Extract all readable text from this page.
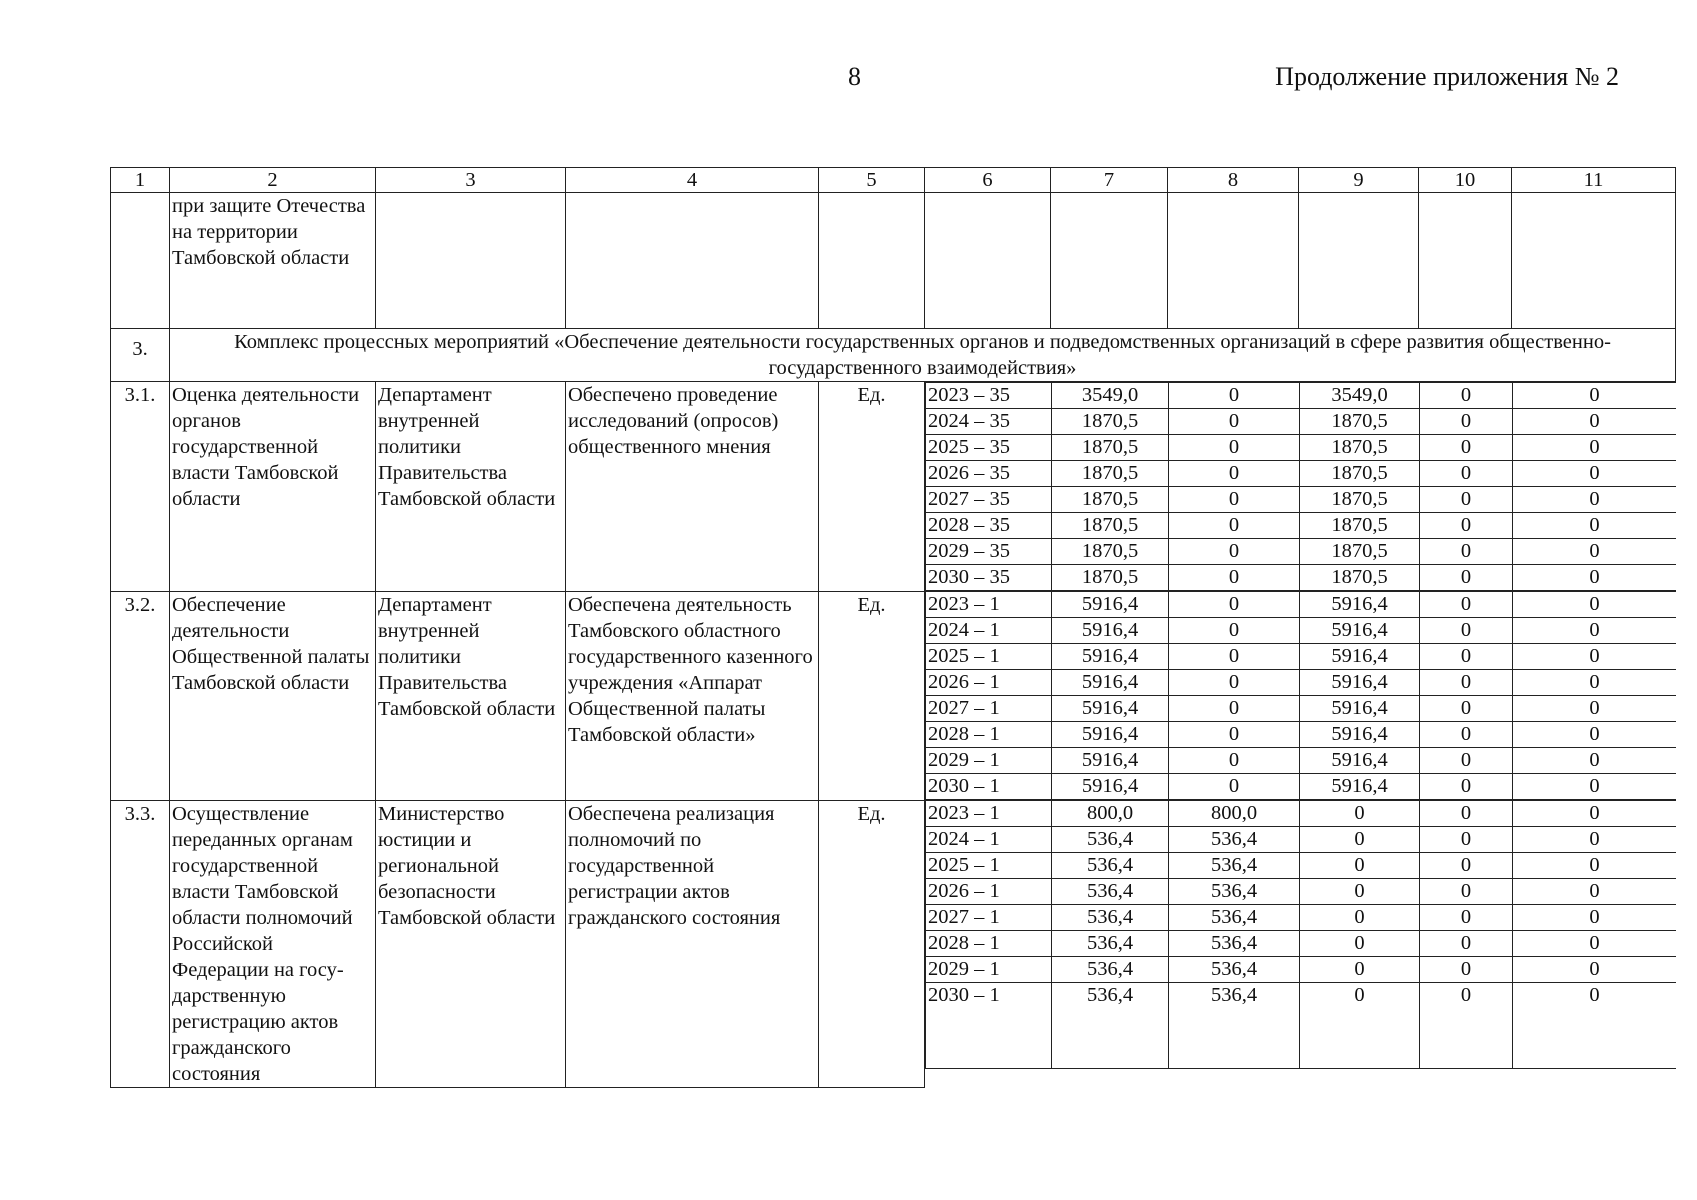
8	Продолжение приложения № 2
1	2	3	4	5	6	7	8	9	10	11
	при защите Отечества на территории Тамбовской области									
3.	Комплекс процессных мероприятий «Обеспечение деятельности государственных органов и подведомственных организаций в сфере развития общественно-государственного взаимодействия»
3.1.	Оценка деятельности органов государственной власти Тамбовской области	Департамент внутренней политики Правительства Тамбовской области	Обеспечено проведение исследований (опросов) общественного мнения	Ед.	2023 – 35	3549,0	0	3549,0	0	0
2024 – 35	1870,5	0	1870,5	0	0
2025 – 35	1870,5	0	1870,5	0	0
2026 – 35	1870,5	0	1870,5	0	0
2027 – 35	1870,5	0	1870,5	0	0
2028 – 35	1870,5	0	1870,5	0	0
2029 – 35	1870,5	0	1870,5	0	0
2030 – 35	1870,5	0	1870,5	0	0

3.2.	Обеспечение деятельности Общественной палаты Тамбовской области	Департамент внутренней политики Правительства Тамбовской области	Обеспечена деятельность Тамбовского областного государственного казенного учреждения «Аппарат Общественной палаты Тамбовской области»	Ед.	2023 – 1	5916,4	0	5916,4	0	0
2024 – 1	5916,4	0	5916,4	0	0
2025 – 1	5916,4	0	5916,4	0	0
2026 – 1	5916,4	0	5916,4	0	0
2027 – 1	5916,4	0	5916,4	0	0
2028 – 1	5916,4	0	5916,4	0	0
2029 – 1	5916,4	0	5916,4	0	0
2030 – 1	5916,4	0	5916,4	0	0

3.3.	Осуществление переданных органам государственной власти Тамбовской области полномочий Российской Федерации на госу-дарственную регистрацию актов гражданского состояния	Министерство юстиции и региональной безопасности Тамбовской области	Обеспечена реализация полномочий по государственной регистрации актов гражданского состояния	Ед.	2023 – 1	800,0	800,0	0	0	0
2024 – 1	536,4	536,4	0	0	0
2025 – 1	536,4	536,4	0	0	0
2026 – 1	536,4	536,4	0	0	0
2027 – 1	536,4	536,4	0	0	0
2028 – 1	536,4	536,4	0	0	0
2029 – 1	536,4	536,4	0	0	0
2030 – 1	536,4	536,4	0	0	0
